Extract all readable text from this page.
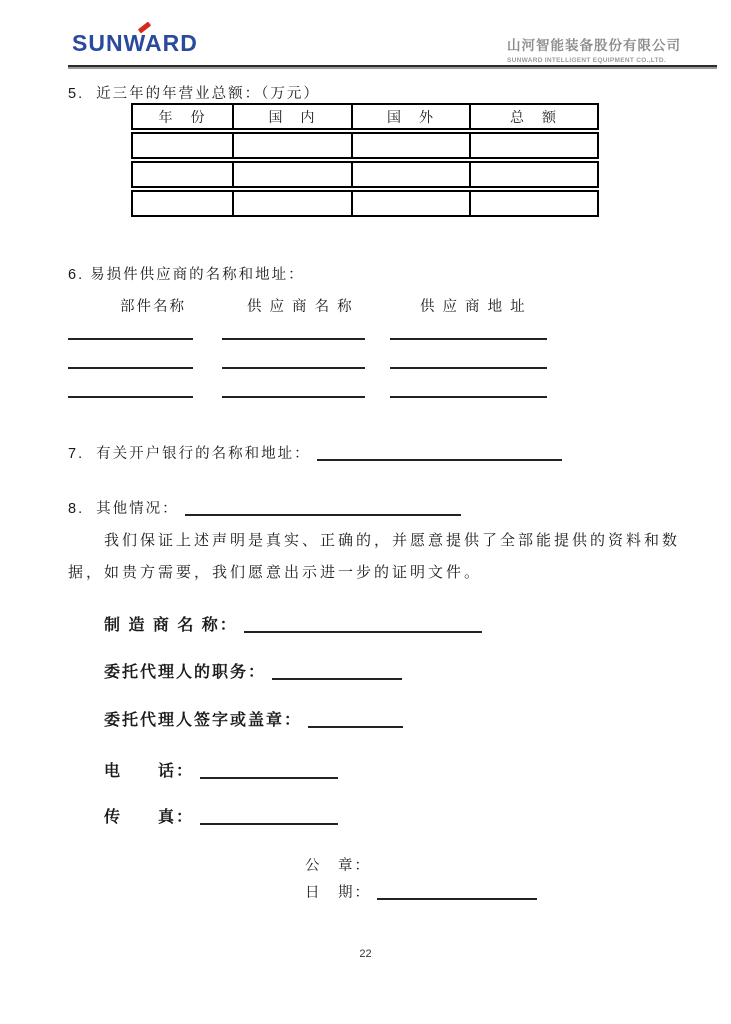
SUNWARD	山河智能装备股份有限公司
SUNWARD INTELLIGENT EQUIPMENT CO.,LTD.
5.  近三年的年营业总额：（万元）
年　份	国　内	国　外	总　额

6. 易损件供应商的名称和地址：
部件名称	供 应 商 名 称	供 应 商 地 址
7.  有关开户银行的名称和地址：
8.  其他情况：
我们保证上述声明是真实、正确的，并愿意提供了全部能提供的资料和数
据，如贵方需要，我们愿意出示进一步的证明文件。
制 造 商 名 称：
委托代理人的职务：
委托代理人签字或盖章：
电　　话：
传　　真：
公　章：
日　期：
22
